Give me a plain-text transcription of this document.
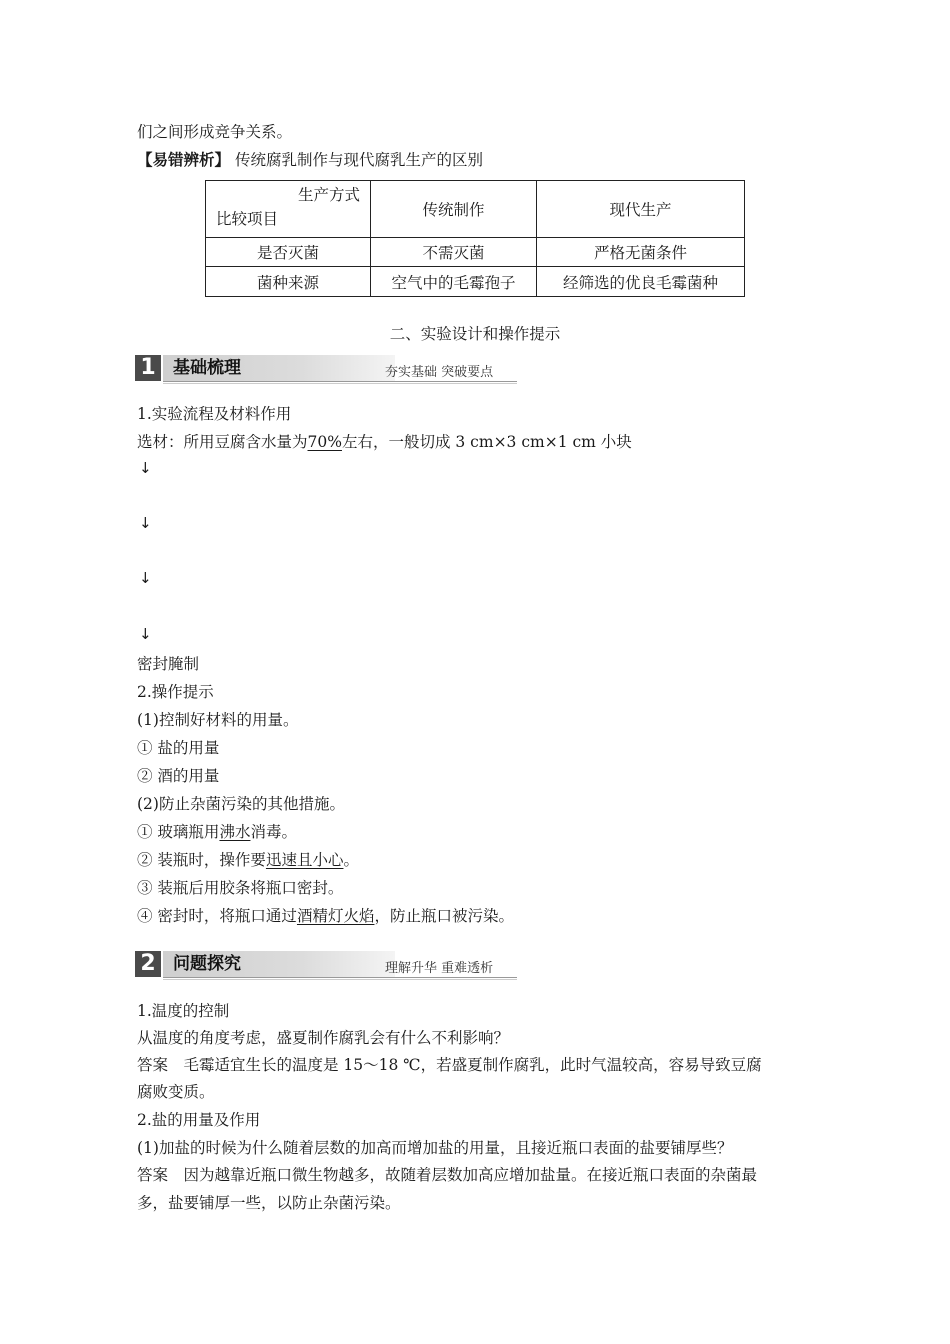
们之间形成竞争关系。
【易错辨析】 传统腐乳制作与现代腐乳生产的区别
生产方式
比较项目	传统制作	现代生产
是否灭菌	不需灭菌	严格无菌条件
菌种来源	空气中的毛霉孢子	经筛选的优良毛霉菌种
二、实验设计和操作提示
1	基础梳理	夯实基础 突破要点
1.实验流程及材料作用
选材：所用豆腐含水量为70%左右，一般切成 3 cm×3 cm×1 cm 小块
↓
↓
↓
↓
密封腌制
2.操作提示
(1)控制好材料的用量。
① 盐的用量
② 酒的用量
(2)防止杂菌污染的其他措施。
① 玻璃瓶用沸水消毒。
② 装瓶时，操作要迅速且小心。
③ 装瓶后用胶条将瓶口密封。
④ 密封时，将瓶口通过酒精灯火焰，防止瓶口被污染。
2	问题探究	理解升华 重难透析
1.温度的控制
从温度的角度考虑，盛夏制作腐乳会有什么不利影响？
答案　毛霉适宜生长的温度是 15～18 ℃，若盛夏制作腐乳，此时气温较高，容易导致豆腐
腐败变质。
2.盐的用量及作用
(1)加盐的时候为什么随着层数的加高而增加盐的用量，且接近瓶口表面的盐要铺厚些？
答案　因为越靠近瓶口微生物越多，故随着层数加高应增加盐量。在接近瓶口表面的杂菌最
多，盐要铺厚一些，以防止杂菌污染。
